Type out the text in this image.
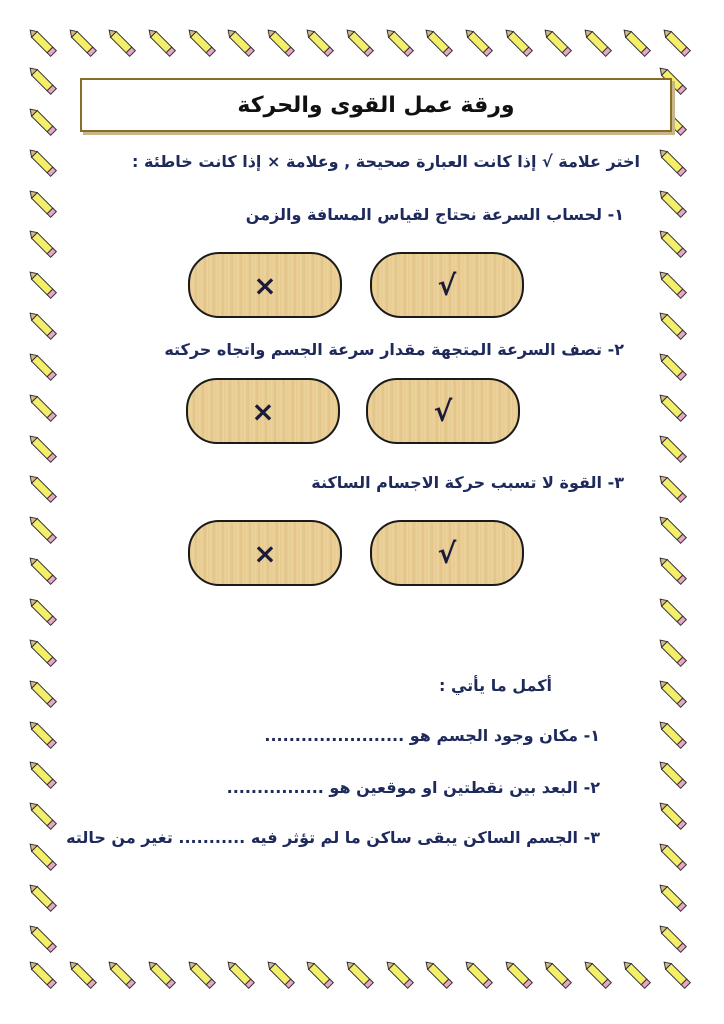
ورقة عمل القوى والحركة
اختر علامة √ إذا كانت العبارة صحيحة , وعلامة × إذا كانت خاطئة :
١- لحساب السرعة نحتاج لقياس المسافة والزمن
√
×
٢- تصف السرعة المتجهة مقدار سرعة الجسم واتجاه حركته
√
×
٣- القوة لا تسبب حركة الاجسام الساكنة
√
×
أكمل ما يأتي :
١- مكان وجود الجسم هو .......................
٢- البعد بين نقطتين او موقعين هو ................
٣- الجسم الساكن يبقى ساكن ما لم تؤثر فيه ........... تغير من حالته
